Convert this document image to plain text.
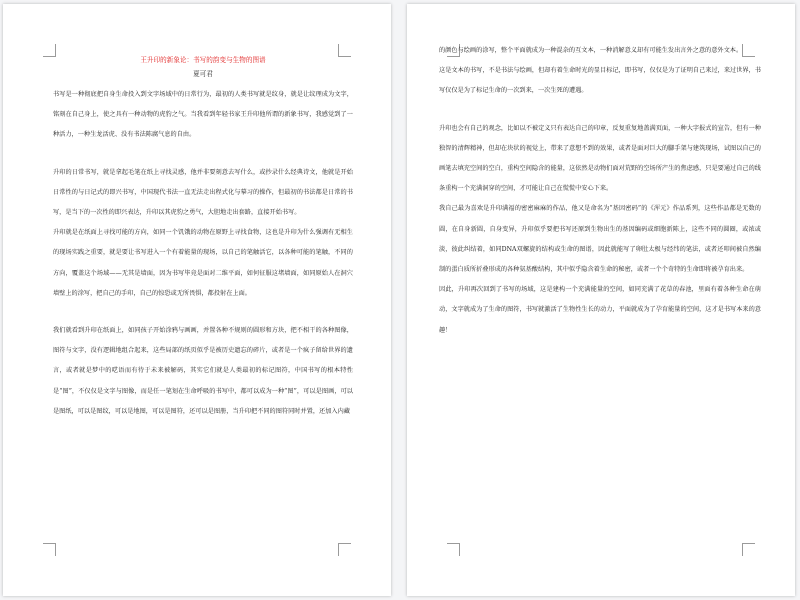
王升印的新象论：书写的韵变与生物的图谱

夏可君

书写是一种彻底把自身生命投入到文字场域中的日常行为，最初的人类书写就是纹身，就是让纹理成为文字，铭刻在自己身上，使之具有一种动物的虎豹之气。当我看到年轻书家王升印他所谓的新象书写，我感觉到了一种活力，一种生龙活虎、没有书法陈腐气息的自由。

升印的日常书写，就是拿起毛笔在纸上寻找灵感，他并非要刻意去写什么，或抄录什么经典诗文，他就是开始日常性的与日记式的即兴书写，中国现代书法一直无法走出程式化与摹习的操作，但最初的书法都是日常的书写，是当下的一次性的即兴表达，升印以其虎豹之勇气，大胆地走出套路，直接开始书写。

升印就是在纸面上寻找可能的方向，如同一个饥饿的动物在原野上寻找食物，这也是升印为什么强调有无相生的现场实践之重要，就是要让书写进入一个有着能量的现场，以自己的笔触活它，以各种可能的笔触，不同的方向，覆盖这个场域——无其是墙面，因为书写毕竟是面对二维平面，如何征服这堵墙面，如同原始人在洞穴墙壁上的涂写，把自己的手印，自己的惊恐或无所畏惧，都投射在上面。

我们就看到升印在纸面上，如同孩子开始涂鸦与画画，并置各种不规则的圆形和方块，把不相干的各种图像，图符与文字，没有逻辑地组合起来，这些局部的纸页似乎是被历史遗忘的碎片，或者是一个疯子留给世界的遗言，或者就是梦中的呓语而有待于未来被解码，其实它们就是人类最初的标记图符，中国书写的根本特性是“图”，不仅仅是文字与图像，而是任一笔划在生命呼吸的书写中，都可以成为一种“图”，可以是图画，可以是图纸，可以是图纹，可以是地图，可以是图符，还可以是图册，当升印把不同的图符同时并置，还加入内藏

的颜色与绘画的涂写，整个平面就成为一种混杂的互文本，一种消解意义却有可能生发出言外之意的意外文本。

这是文本的书写，不是书法与绘画，但却有着生命时光的显目标记，即书写，仅仅是为了证明自己来过，来过世界，书写仅仅是为了标记生命的一次到来，一次生死的遭遇。

升印也会有自己的观念，比如以不被定义只有表达自己的印章，反复重复地盖满页面，一种大字报式的宣告，但有一种独智的清辉精神，但却在块状的视觉上，带来了意想不到的效果，或者是面对巨大的腳手架与建筑现场，试图以自己的画笔去填充空间的空白，重构空间隐含的能量，这依然是动物们面对荒野的空场所产生的焦虑感，只是要通过自己的线条重构一个充满洞穿的空间，才可能让自己在慌慌中安心下来。

我自己最为喜欢是升印满福的密密麻麻的作品，他又是命名为“基因密码”的《浑元》作品系列，这些作品都是无数的圆，在自身新圆，自身变异，升印似乎要把书写还原到生物出生的基因编码或细胞新陈上，这些不同的圆圈，或浓或淡，彼此纠结着，如同DNA双螺旋的结构或生命的图谱，因此就能写了卵肚太极与经纬的笔法，或者还叩间被自然编制的蛋白质所折叠形成的各种氨基酸结构，其中似乎隐含着生命的秘密，或者一个个奇特的生命即将被孕育出来。

因此，升印再次回到了书写的场域，这是建构一个充满能量的空间，如同充满了花草的春池，里面有着各种生命在萌动，文字就成为了生命的图符，书写就激活了生物性生长的动力，平面就成为了孕育能量的空间，这才是书写本来的意趣！
